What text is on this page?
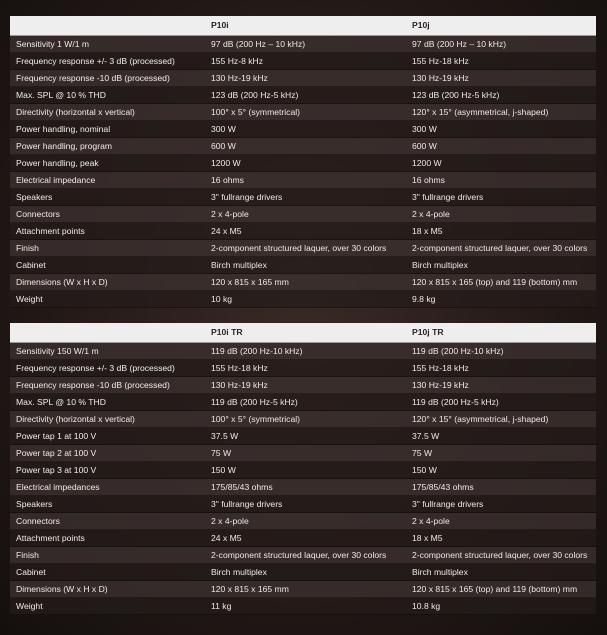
	P10i	P10j
Sensitivity 1 W/1 m	97 dB (200 Hz – 10 kHz)	97 dB (200 Hz – 10 kHz)
Frequency response +/- 3 dB (processed)	155 Hz-8 kHz	155 Hz-18 kHz
Frequency response -10 dB (processed)	130 Hz-19 kHz	130 Hz-19 kHz
Max. SPL @ 10 % THD	123 dB (200 Hz-5 kHz)	123 dB (200 Hz-5 kHz)
Directivity (horizontal x vertical)	100° x 5° (symmetrical)	120° x 15° (asymmetrical, j-shaped)
Power handling, nominal	300 W	300 W
Power handling, program	600 W	600 W
Power handling, peak	1200 W	1200 W
Electrical impedance	16 ohms	16 ohms
Speakers	3" fullrange drivers	3" fullrange drivers
Connectors	2 x 4-pole	2 x 4-pole
Attachment points	24 x M5	18 x M5
Finish	2-component structured laquer, over 30 colors	2-component structured laquer, over 30 colors
Cabinet	Birch multiplex	Birch multiplex
Dimensions (W x H x D)	120 x 815 x 165 mm	120 x 815 x 165 (top) and 119 (bottom) mm
Weight	10 kg	9.8 kg
	P10i TR	P10j TR
Sensitivity 150 W/1 m	119 dB (200 Hz-10 kHz)	119 dB (200 Hz-10 kHz)
Frequency response +/- 3 dB (processed)	155 Hz-18 kHz	155 Hz-18 kHz
Frequency response -10 dB (processed)	130 Hz-19 kHz	130 Hz-19 kHz
Max. SPL @ 10 % THD	119 dB (200 Hz-5 kHz)	119 dB (200 Hz-5 kHz)
Directivity (horizontal x vertical)	100° x 5° (symmetrical)	120° x 15° (asymmetrical, j-shaped)
Power tap 1 at 100 V	37.5 W	37.5 W
Power tap 2 at 100 V	75 W	75 W
Power tap 3 at 100 V	150 W	150 W
Electrical impedances	175/85/43 ohms	175/85/43 ohms
Speakers	3" fullrange drivers	3" fullrange drivers
Connectors	2 x 4-pole	2 x 4-pole
Attachment points	24 x M5	18 x M5
Finish	2-component structured laquer, over 30 colors	2-component structured laquer, over 30 colors
Cabinet	Birch multiplex	Birch multiplex
Dimensions (W x H x D)	120 x 815 x 165 mm	120 x 815 x 165 (top) and 119 (bottom) mm
Weight	11 kg	10.8 kg
